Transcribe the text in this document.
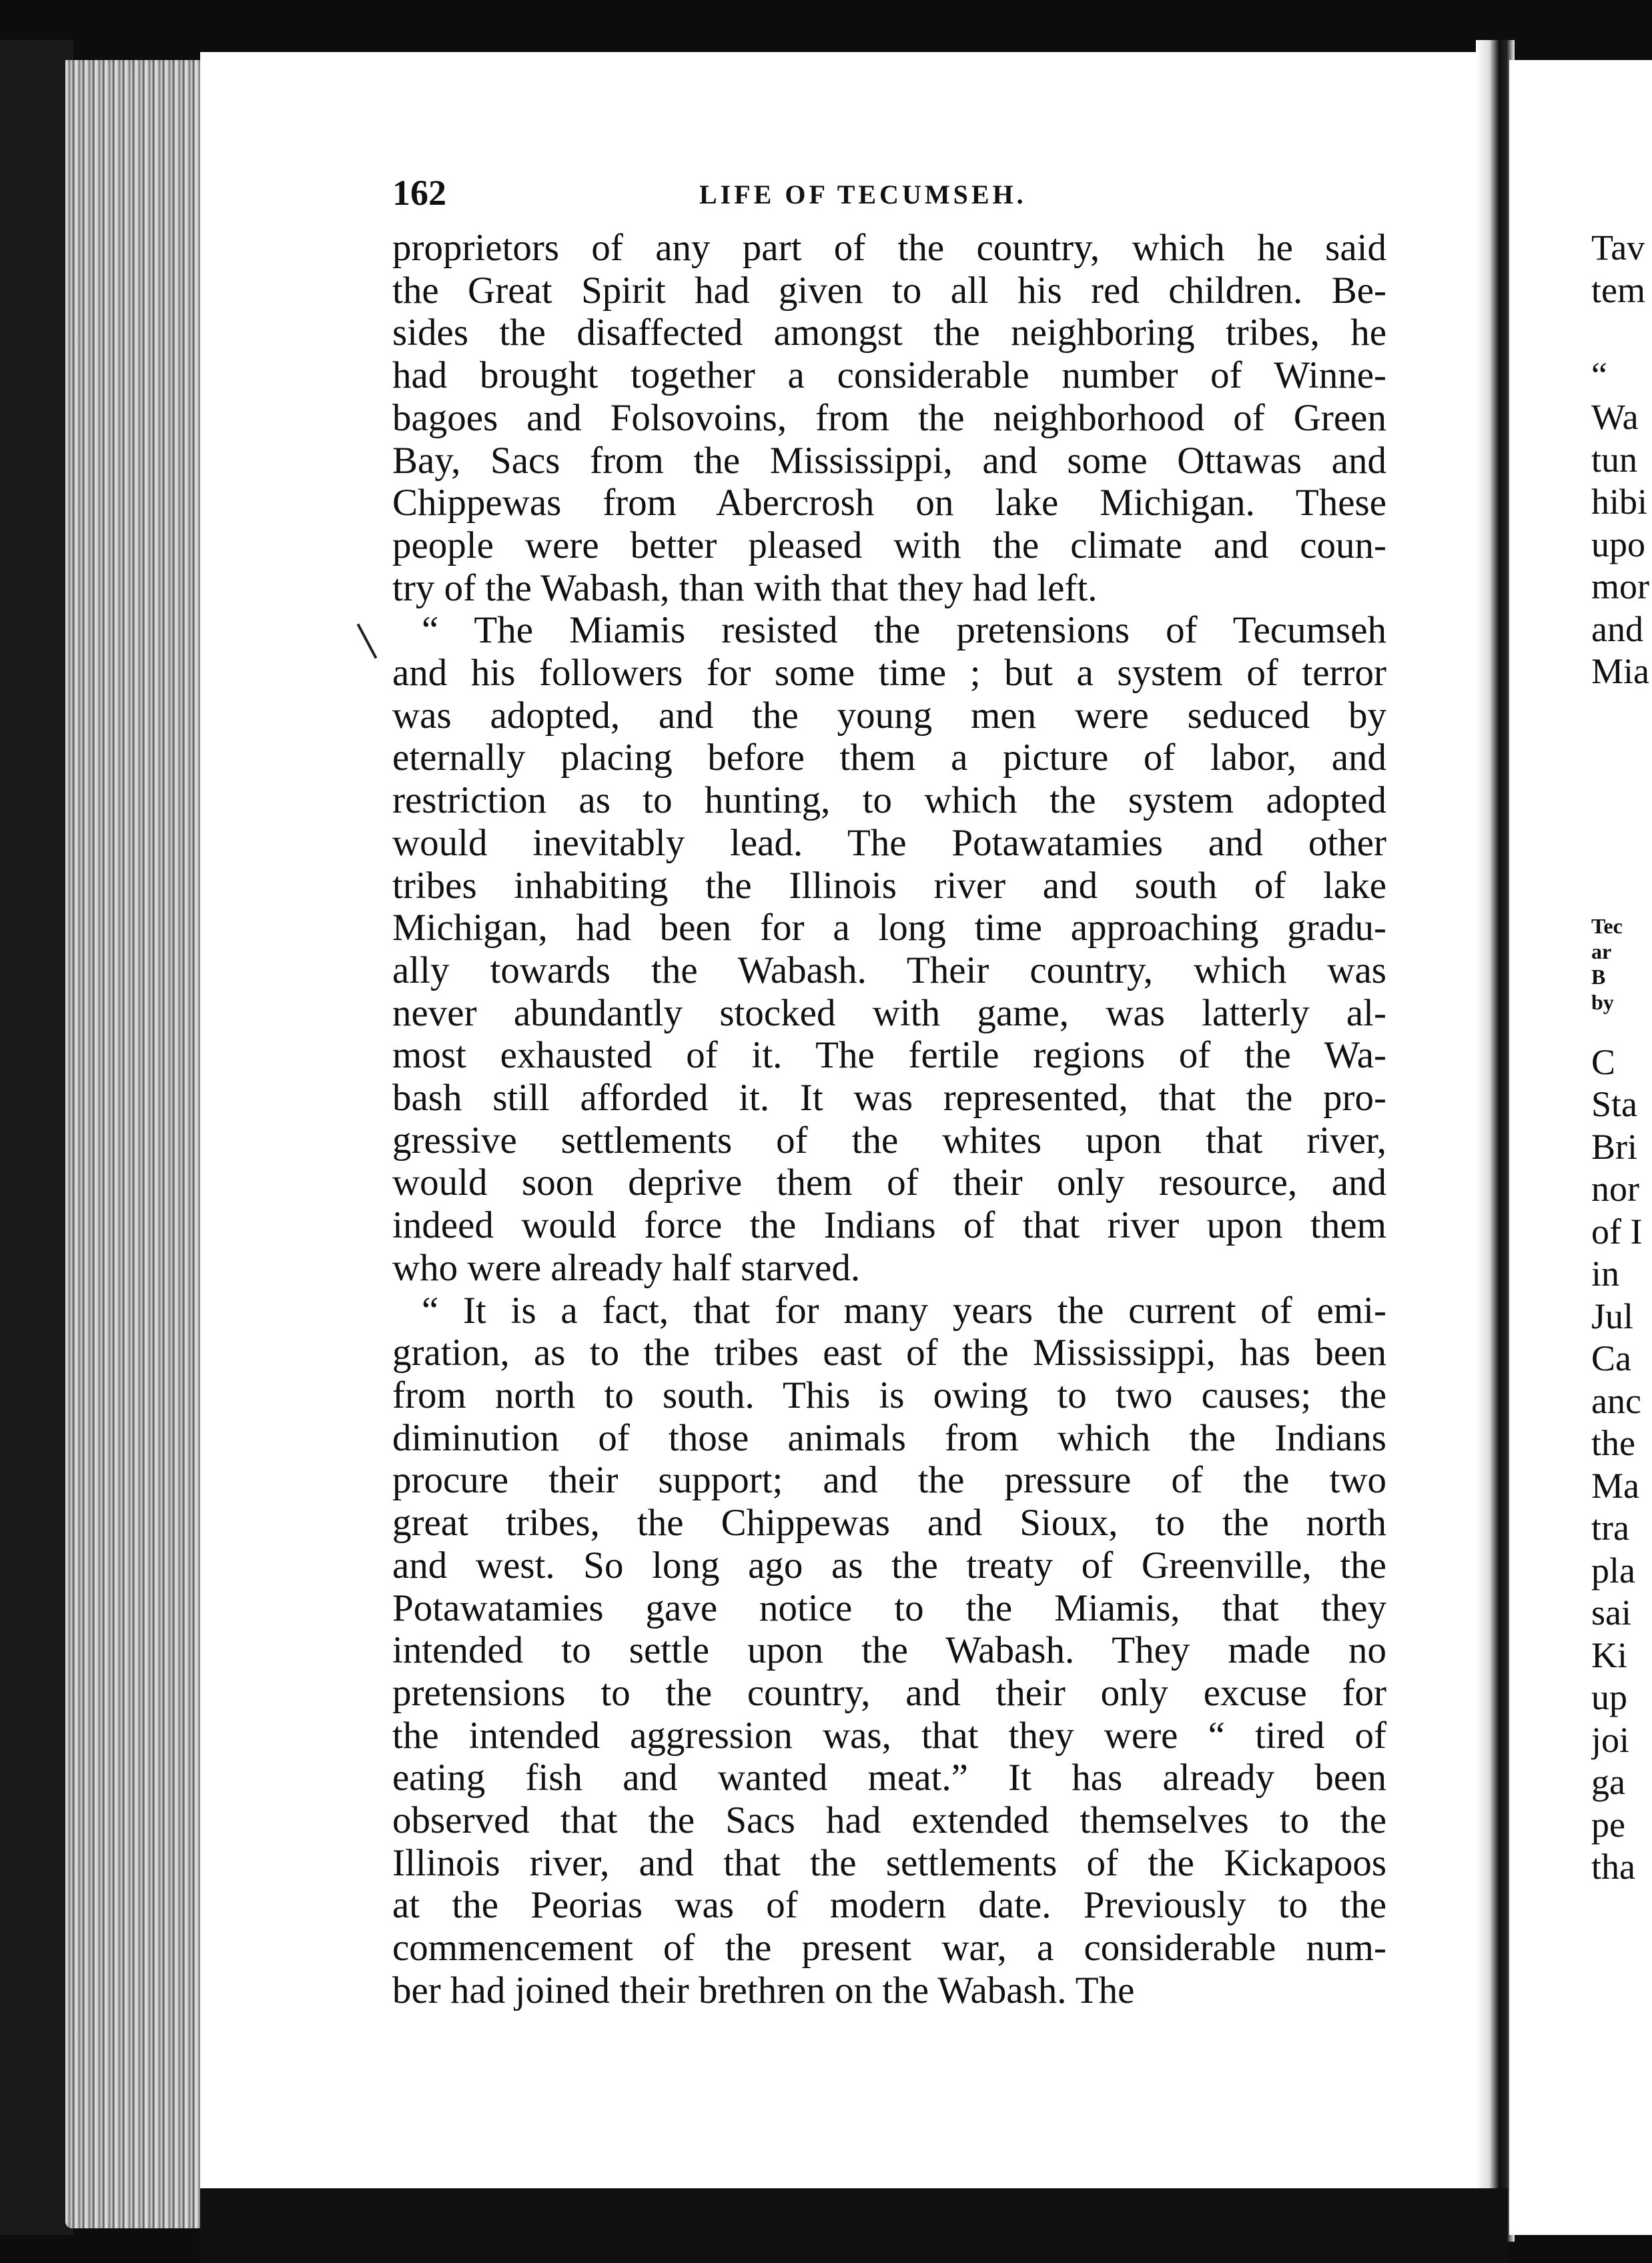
162	LIFE OF TECUMSEH.
proprietors of any part of the country, which he said
the Great Spirit had given to all his red children. Be-
sides the disaffected amongst the neighboring tribes, he
had brought together a considerable number of Winne-
bagoes and Folsovoins, from the neighborhood of Green
Bay, Sacs from the Mississippi, and some Ottawas and
Chippewas from Abercrosh on lake Michigan. These
people were better pleased with the climate and coun-
try of the Wabash, than with that they had left.
“ The Miamis resisted the pretensions of Tecumseh
and his followers for some time ; but a system of terror
was adopted, and the young men were seduced by
eternally placing before them a picture of labor, and
restriction as to hunting, to which the system adopted
would inevitably lead. The Potawatamies and other
tribes inhabiting the Illinois river and south of lake
Michigan, had been for a long time approaching gradu-
ally towards the Wabash. Their country, which was
never abundantly stocked with game, was latterly al-
most exhausted of it. The fertile regions of the Wa-
bash still afforded it. It was represented, that the pro-
gressive settlements of the whites upon that river,
would soon deprive them of their only resource, and
indeed would force the Indians of that river upon them
who were already half starved.
“ It is a fact, that for many years the current of emi-
gration, as to the tribes east of the Mississippi, has been
from north to south. This is owing to two causes; the
diminution of those animals from which the Indians
procure their support; and the pressure of the two
great tribes, the Chippewas and Sioux, to the north
and west. So long ago as the treaty of Greenville, the
Potawatamies gave notice to the Miamis, that they
intended to settle upon the Wabash. They made no
pretensions to the country, and their only excuse for
the intended aggression was, that they were “ tired of
eating fish and wanted meat.” It has already been
observed that the Sacs had extended themselves to the
Illinois river, and that the settlements of the Kickapoos
at the Peorias was of modern date. Previously to the
commencement of the present war, a considerable num-
ber had joined their brethren on the Wabash. The
Tav
tem
“
Wa
tun
hibi
upo
mor
and
Mia
Tec
ar
B
by
C
Sta
Bri
nor
of I
in
Jul
Ca
anc
the
Ma
tra
pla
sai
Ki
up
joi
ga
pe
tha
